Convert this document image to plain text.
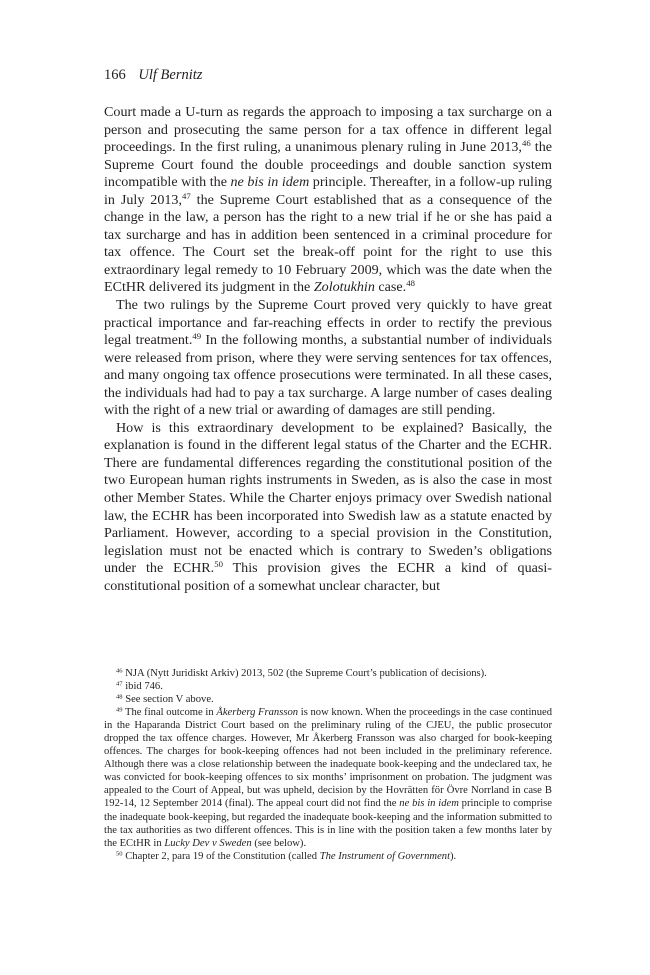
166 Ulf Bernitz

Court made a U-turn as regards the approach to imposing a tax surcharge on a person and prosecuting the same person for a tax offence in different legal proceedings. In the first ruling, a unanimous plenary ruling in June 2013,46 the Supreme Court found the double proceedings and double sanction system incompatible with the ne bis in idem principle. Thereafter, in a follow-up ruling in July 2013,47 the Supreme Court established that as a consequence of the change in the law, a person has the right to a new trial if he or she has paid a tax surcharge and has in addition been sentenced in a criminal procedure for tax offence. The Court set the break-off point for the right to use this extraordinary legal remedy to 10 February 2009, which was the date when the ECtHR delivered its judgment in the Zolotukhin case.$^{48}$

The two rulings by the Supreme Court proved very quickly to have great practical importance and far-reaching effects in order to rectify the previous legal treatment.$^{49}$ In the following months, a substantial number of individuals were released from prison, where they were serving sentences for tax offences, and many ongoing tax offence prosecutions were terminated. In all these cases, the individuals had had to pay a tax surcharge. A large number of cases dealing with the right of a new trial or awarding of damages are still pending.

How is this extraordinary development to be explained? Basically, the explanation is found in the different legal status of the Charter and the ECHR. There are fundamental differences regarding the constitutional position of the two European human rights instruments in Sweden, as is also the case in most other Member States. While the Charter enjoys primacy over Swedish national law, the ECHR has been incorporated into Swedish law as a statute enacted by Parliament. However, according to a special provision in the Constitution, legislation must not be enacted which is contrary to Sweden’s obligations under the ECHR.$^{50}$ This provision gives the ECHR a kind of quasi-constitutional position of a somewhat unclear character, but

$^{46}$ NJA (Nytt Juridiskt Arkiv) 2013, 502 (the Supreme Court’s publication of decisions).

$^{47}$ ibid 746.

$^{48}$ See section V above.

$^{49}$ The final outcome in Åkerberg Fransson is now known. When the proceedings in the case continued in the Haparanda District Court based on the preliminary ruling of the CJEU, the public prosecutor dropped the tax offence charges. However, Mr Åkerberg Fransson was also charged for book-keeping offences. The charges for book-keeping offences had not been included in the preliminary reference. Although there was a close relationship between the inadequate book-keeping and the undeclared tax, he was convicted for book-keeping offences to six months’ imprisonment on probation. The judgment was appealed to the Court of Appeal, but was upheld, decision by the Hovrätten för Övre Norrland in case B 192-14, 12 September 2014 (final). The appeal court did not find the ne bis in idem principle to comprise the inadequate book-keeping, but regarded the inadequate book-keeping and the information submitted to the tax authorities as two different offences. This is in line with the position taken a few months later by the ECtHR in Lucky Dev v Sweden (see below).

$^{50}$ Chapter 2, para 19 of the Constitution (called The Instrument of Government).
